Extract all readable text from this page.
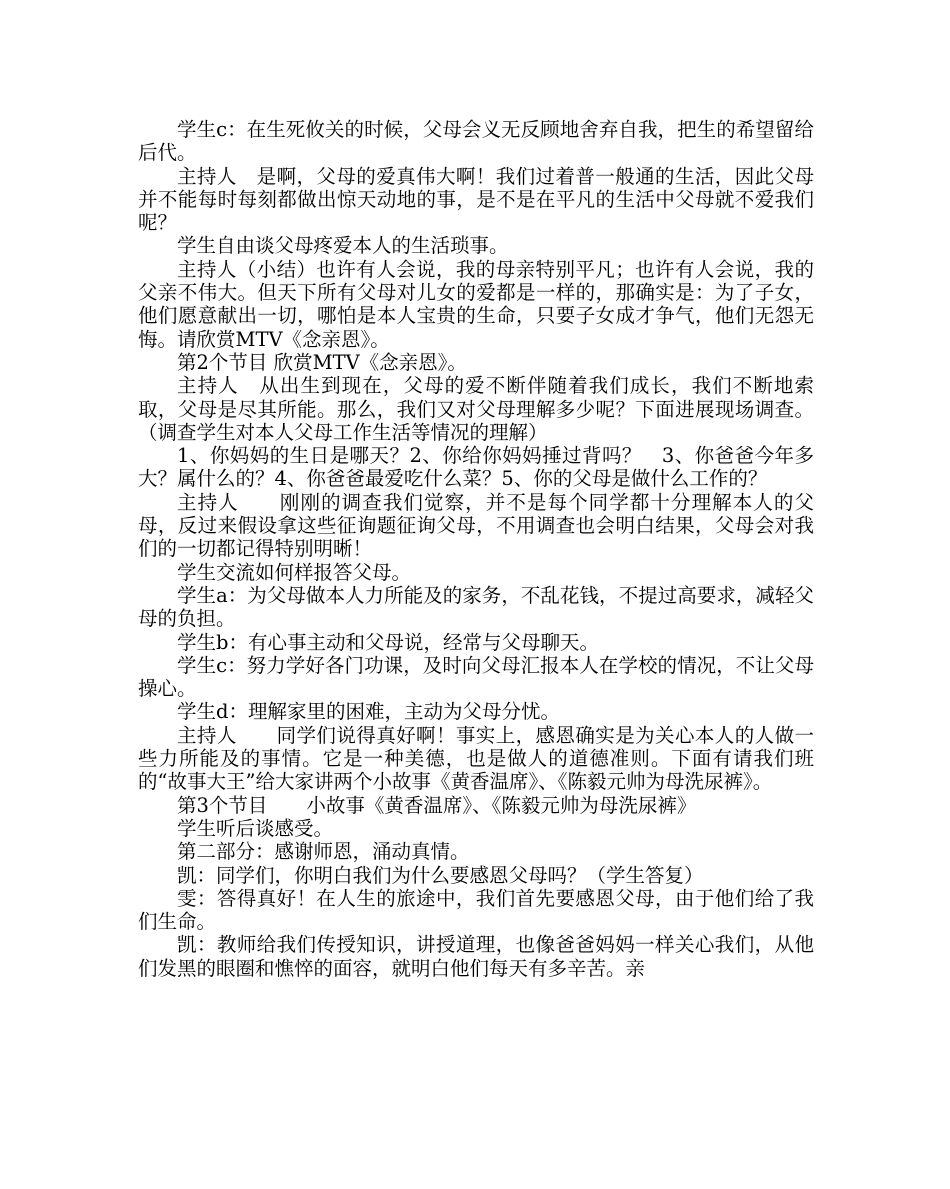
学生c：在生死攸关的时候，父母会义无反顾地舍弃自我，把生的希望留给后代。

主持人　是啊，父母的爱真伟大啊！我们过着普一般通的生活，因此父母并不能每时每刻都做出惊天动地的事，是不是在平凡的生活中父母就不爱我们呢？

学生自由谈父母疼爱本人的生活琐事。

主持人（小结）也许有人会说，我的母亲特别平凡；也许有人会说，我的父亲不伟大。但天下所有父母对儿女的爱都是一样的，那确实是：为了子女，他们愿意献出一切，哪怕是本人宝贵的生命，只要子女成才争气，他们无怨无悔。请欣赏MTV《念亲恩》。

第2个节目 欣赏MTV《念亲恩》。

主持人　从出生到现在，父母的爱不断伴随着我们成长，我们不断地索取，父母是尽其所能。那么，我们又对父母理解多少呢？下面进展现场调查。（调查学生对本人父母工作生活等情况的理解）

1、你妈妈的生日是哪天？2、你给你妈妈捶过背吗？　3、你爸爸今年多大？属什么的？4、你爸爸最爱吃什么菜？5、你的父母是做什么工作的？

主持人　　刚刚的调查我们觉察，并不是每个同学都十分理解本人的父母，反过来假设拿这些征询题征询父母，不用调查也会明白结果，父母会对我们的一切都记得特别明晰！

学生交流如何样报答父母。

学生a：为父母做本人力所能及的家务，不乱花钱，不提过高要求，减轻父母的负担。

学生b：有心事主动和父母说，经常与父母聊天。

学生c：努力学好各门功课，及时向父母汇报本人在学校的情况，不让父母操心。

学生d：理解家里的困难，主动为父母分忧。

主持人　　同学们说得真好啊！事实上，感恩确实是为关心本人的人做一些力所能及的事情。它是一种美德，也是做人的道德准则。下面有请我们班的“故事大王”给大家讲两个小故事《黄香温席》、《陈毅元帅为母洗尿裤》。

第3个节目　　小故事《黄香温席》、《陈毅元帅为母洗尿裤》

学生听后谈感受。

第二部分：感谢师恩，涌动真情。

凯：同学们，你明白我们为什么要感恩父母吗？（学生答复）

雯：答得真好！在人生的旅途中，我们首先要感恩父母，由于他们给了我们生命。

凯：教师给我们传授知识，讲授道理，也像爸爸妈妈一样关心我们，从他们发黑的眼圈和憔悴的面容，就明白他们每天有多辛苦。亲
